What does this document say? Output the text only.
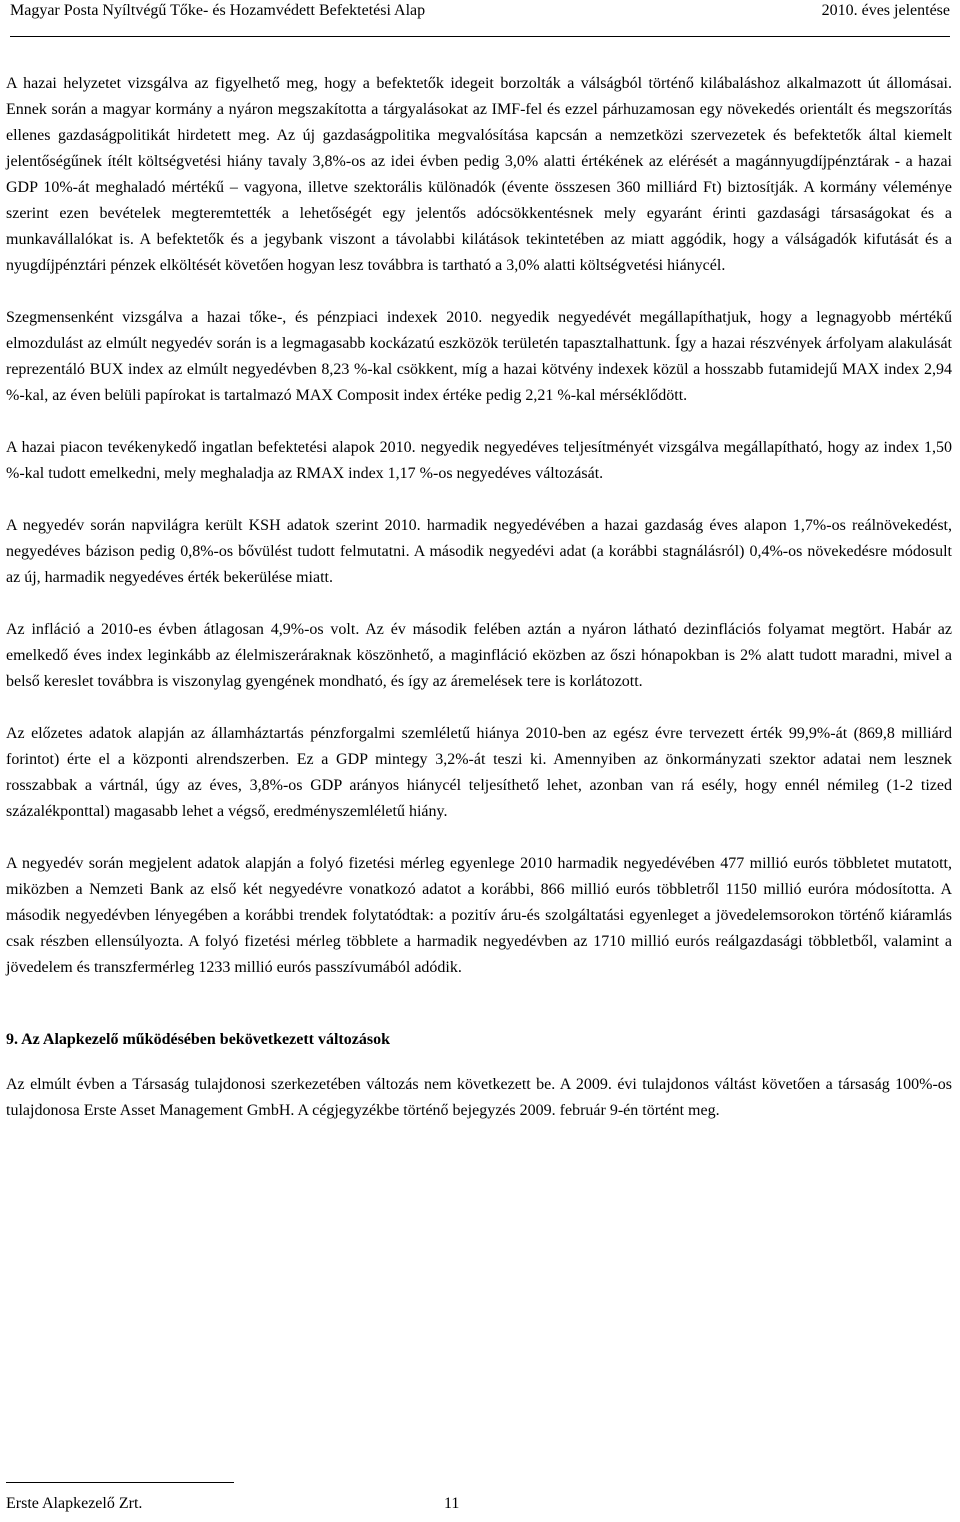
Magyar Posta Nyíltvégű Tőke- és Hozamvédett Befektetési Alap	2010. éves jelentése

A hazai helyzetet vizsgálva az figyelhető meg, hogy a befektetők idegeit borzolták a válságból történő kilábaláshoz alkalmazott út állomásai. Ennek során a magyar kormány a nyáron megszakította a tárgyalásokat az IMF-fel és ezzel párhuzamosan egy növekedés orientált és megszorítás ellenes gazdaságpolitikát hirdetett meg. Az új gazdaságpolitika megvalósítása kapcsán a nemzetközi szervezetek és befektetők által kiemelt jelentőségűnek ítélt költségvetési hiány tavaly 3,8%-os az idei évben pedig 3,0% alatti értékének az elérését a magánnyugdíjpénztárak - a hazai GDP 10%-át meghaladó mértékű – vagyona, illetve szektorális különadók (évente összesen 360 milliárd Ft) biztosítják. A kormány véleménye szerint ezen bevételek megteremtették a lehetőségét egy jelentős adócsökkentésnek mely egyaránt érinti gazdasági társaságokat és a munkavállalókat is. A befektetők és a jegybank viszont a távolabbi kilátások tekintetében az miatt aggódik, hogy a válságadók kifutását és a nyugdíjpénztári pénzek elköltését követően hogyan lesz továbbra is tartható a 3,0% alatti költségvetési hiánycél.

Szegmensenként vizsgálva a hazai tőke-, és pénzpiaci indexek 2010. negyedik negyedévét megállapíthatjuk, hogy a legnagyobb mértékű elmozdulást az elmúlt negyedév során is a legmagasabb kockázatú eszközök területén tapasztalhattunk. Így a hazai részvények árfolyam alakulását reprezentáló BUX index az elmúlt negyedévben 8,23 %-kal csökkent, míg a hazai kötvény indexek közül a hosszabb futamidejű MAX index 2,94 %-kal, az éven belüli papírokat is tartalmazó MAX Composit index értéke pedig 2,21 %-kal mérséklődött.

A hazai piacon tevékenykedő ingatlan befektetési alapok 2010. negyedik negyedéves teljesítményét vizsgálva megállapítható, hogy az index 1,50 %-kal tudott emelkedni, mely meghaladja az RMAX index 1,17 %-os negyedéves változását.

A negyedév során napvilágra került KSH adatok szerint 2010. harmadik negyedévében a hazai gazdaság éves alapon 1,7%-os reálnövekedést, negyedéves bázison pedig 0,8%-os bővülést tudott felmutatni. A második negyedévi adat (a korábbi stagnálásról) 0,4%-os növekedésre módosult az új, harmadik negyedéves érték bekerülése miatt.

Az infláció a 2010-es évben átlagosan 4,9%-os volt. Az év második felében aztán a nyáron látható dezinflációs folyamat megtört. Habár az emelkedő éves index leginkább az élelmiszeráraknak köszönhető, a maginfláció eközben az őszi hónapokban is 2% alatt tudott maradni, mivel a belső kereslet továbbra is viszonylag gyengének mondható, és így az áremelések tere is korlátozott.

Az előzetes adatok alapján az államháztartás pénzforgalmi szemléletű hiánya 2010-ben az egész évre tervezett érték 99,9%-át (869,8 milliárd forintot) érte el a központi alrendszerben. Ez a GDP mintegy 3,2%-át teszi ki. Amennyiben az önkormányzati szektor adatai nem lesznek rosszabbak a vártnál, úgy az éves, 3,8%-os GDP arányos hiánycél teljesíthető lehet, azonban van rá esély, hogy ennél némileg (1-2 tized százalékponttal) magasabb lehet a végső, eredményszemléletű hiány.

A negyedév során megjelent adatok alapján a folyó fizetési mérleg egyenlege 2010 harmadik negyedévében 477 millió eurós többletet mutatott, miközben a Nemzeti Bank az első két negyedévre vonatkozó adatot a korábbi, 866 millió eurós többletről 1150 millió euróra módosította. A második negyedévben lényegében a korábbi trendek folytatódtak: a pozitív áru-és szolgáltatási egyenleget a jövedelemsorokon történő kiáramlás csak részben ellensúlyozta. A folyó fizetési mérleg többlete a harmadik negyedévben az 1710 millió eurós reálgazdasági többletből, valamint a jövedelem és transzfermérleg 1233 millió eurós passzívumából adódik.

9. Az Alapkezelő működésében bekövetkezett változások

Az elmúlt évben a Társaság tulajdonosi szerkezetében változás nem következett be. A 2009. évi tulajdonos váltást követően a társaság 100%-os tulajdonosa Erste Asset Management GmbH. A cégjegyzékbe történő bejegyzés 2009. február 9-én történt meg.

Erste Alapkezelő Zrt.	11
